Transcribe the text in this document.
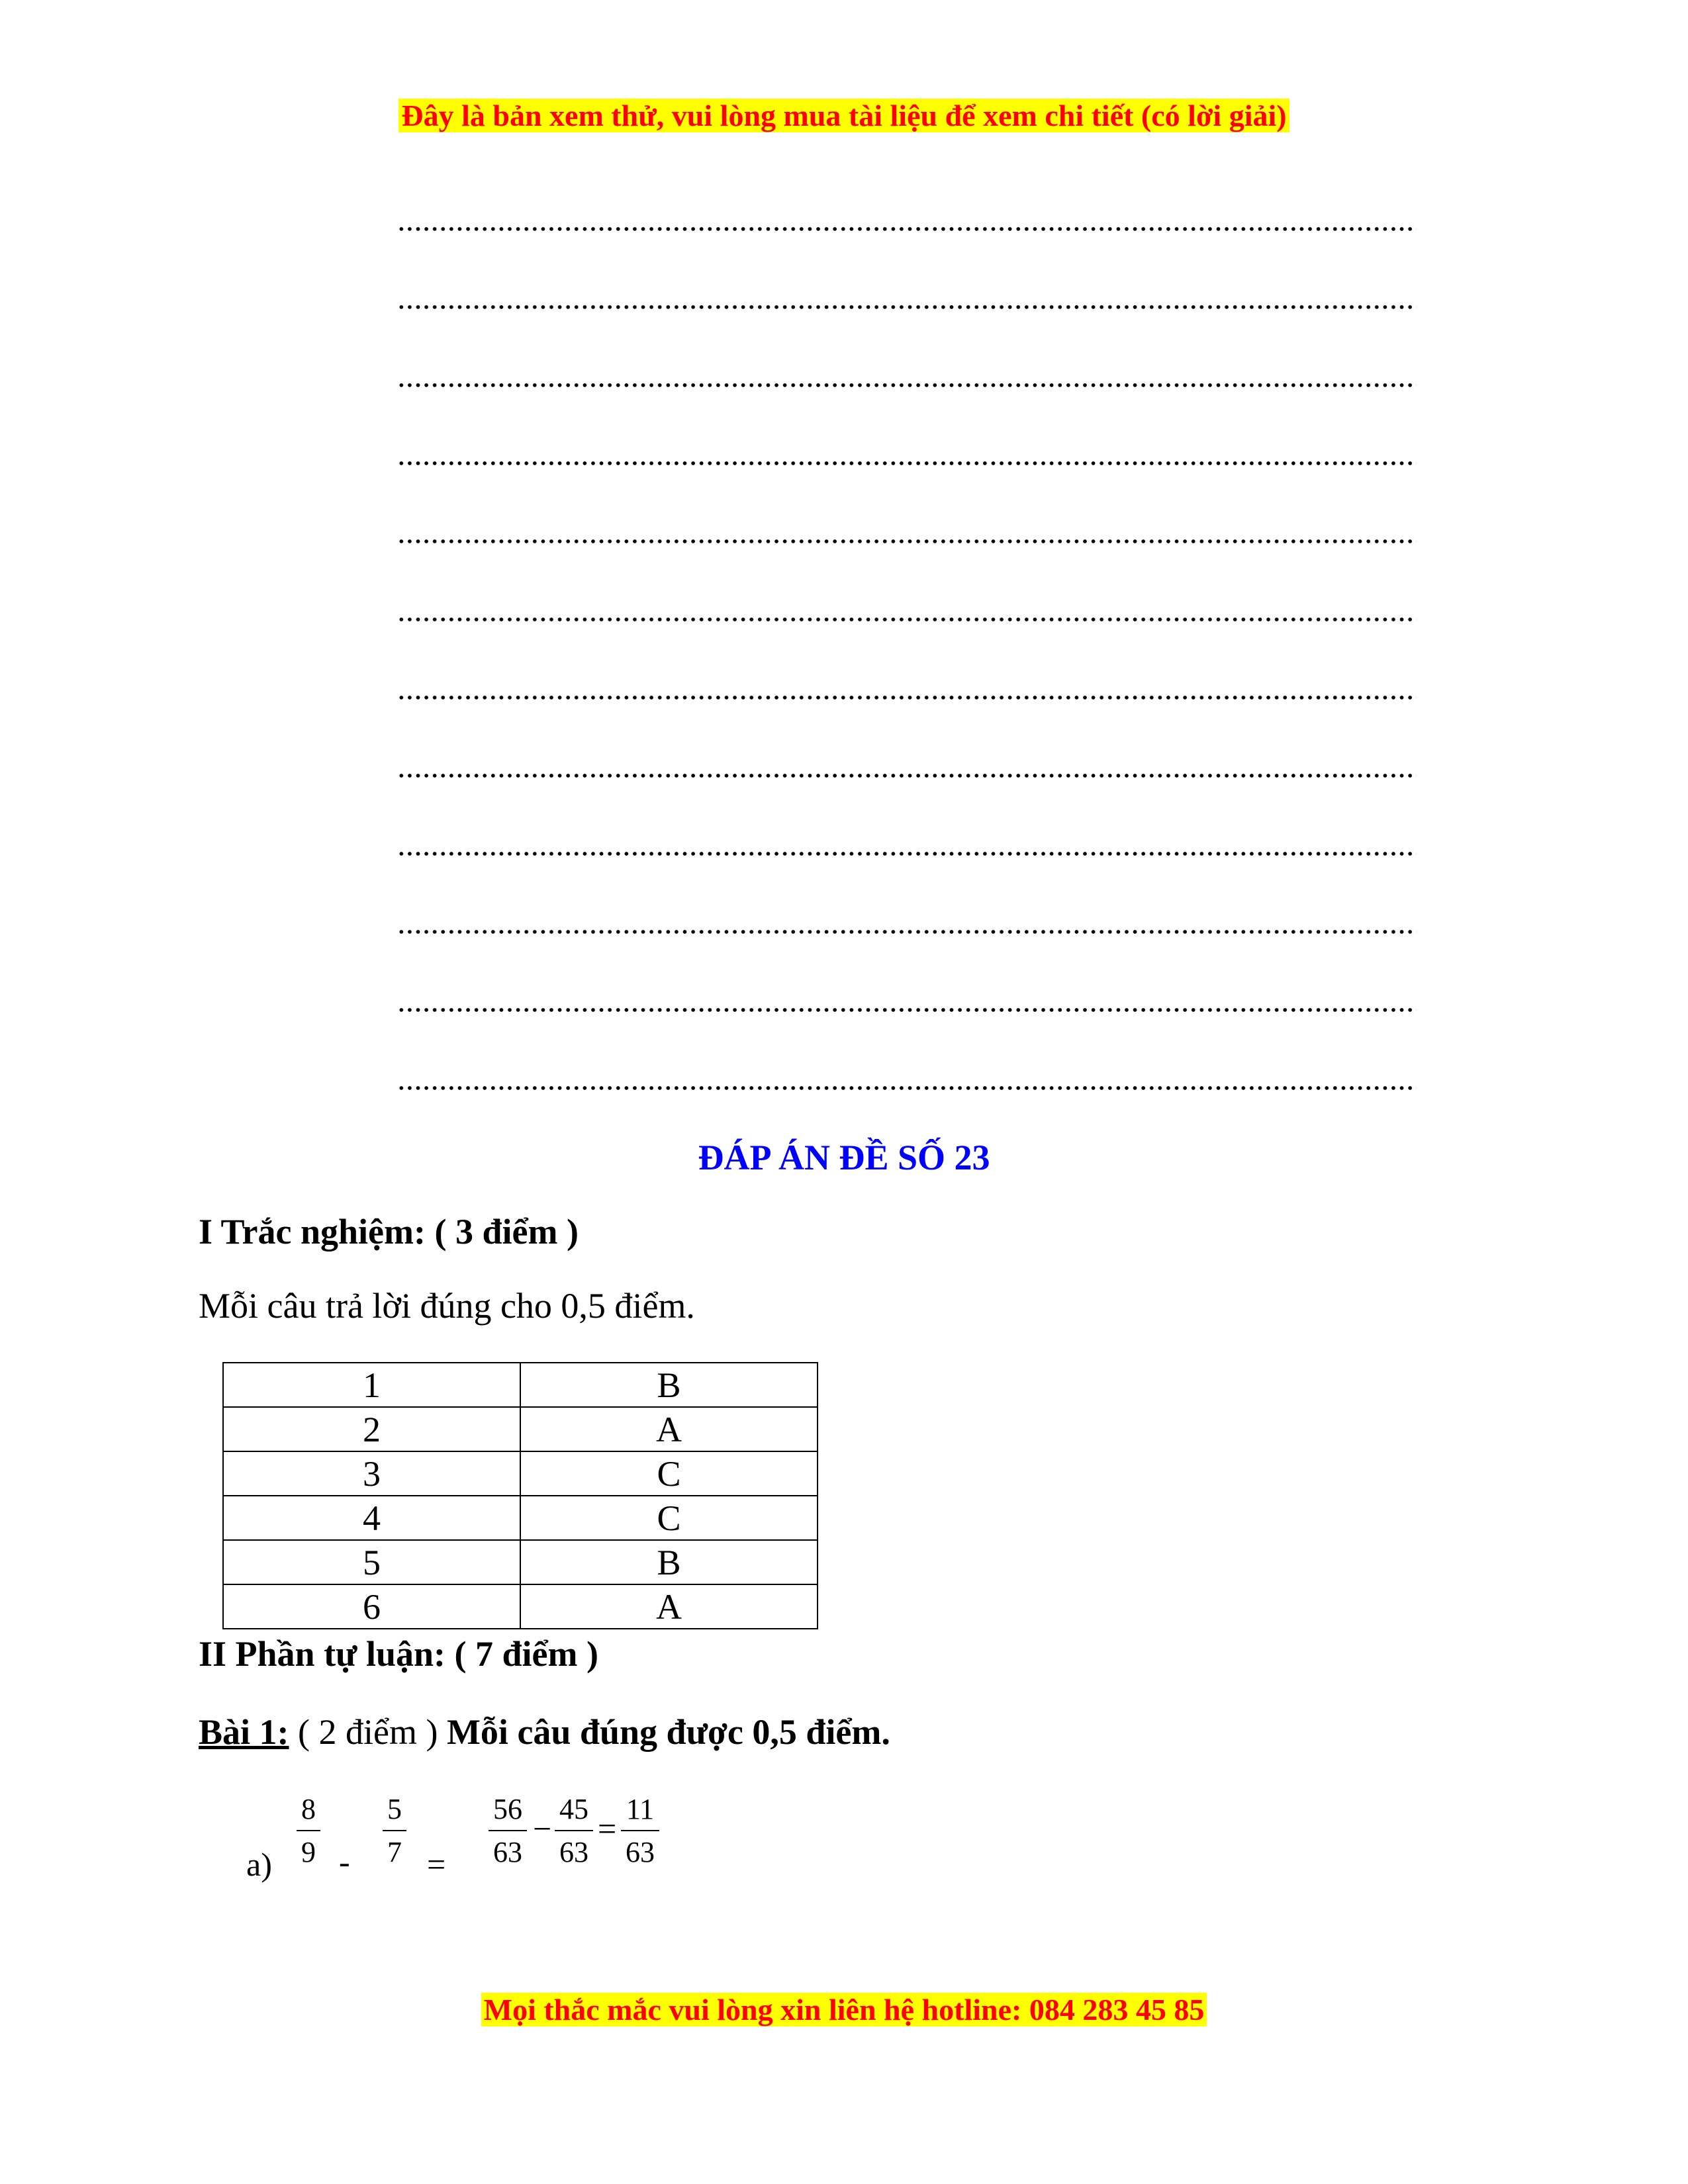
Đây là bản xem thử, vui lòng mua tài liệu để xem chi tiết (có lời giải)
ĐÁP ÁN ĐỀ SỐ 23
I Trắc nghiệm: ( 3 điểm )
Mỗi câu trả lời đúng cho 0,5 điểm.
1	B
2	A
3	C
4	C
5	B
6	A
II Phần tự luận: ( 7 điểm )
Bài 1: ( 2 điểm ) Mỗi câu đúng được 0,5 điểm.
$a) \frac{8}{9} - \frac{5}{7} = \frac{56}{63} - \frac{45}{63} = \frac{11}{63}$
Mọi thắc mắc vui lòng xin liên hệ hotline: 084 283 45 85
